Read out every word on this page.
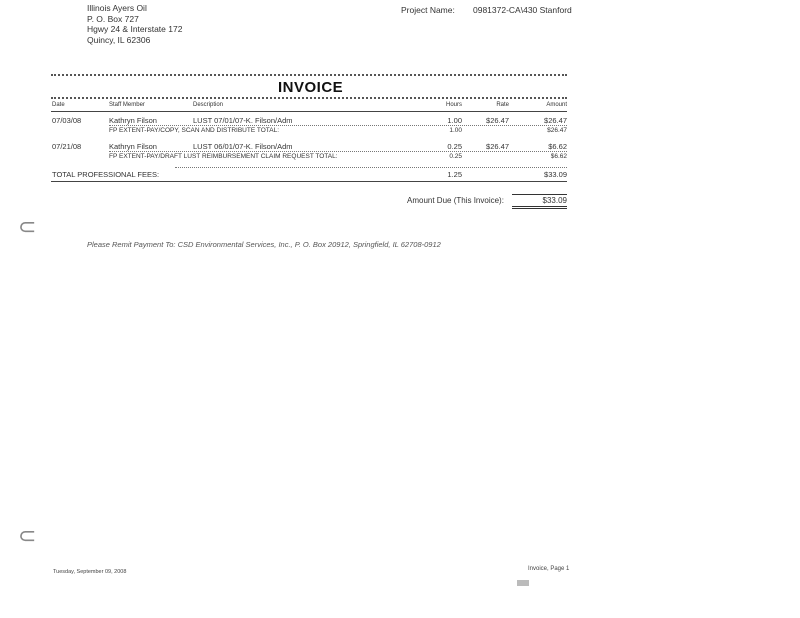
Illinois Ayers Oil
P. O. Box 727
Hgwy 24 & Interstate 172
Quincy, IL 62306
Project Name: 0981372-CA\430 Stanford
INVOICE
Date	Staff Member	Description	Hours	Rate	Amount
07/03/08	Kathryn Filson	LUST 07/01/07-K. Filson/Adm	1.00	$26.47	$26.47
FP EXTENT-PAY/COPY, SCAN AND DISTRIBUTE TOTAL:	1.00	$26.47
07/21/08	Kathryn Filson	LUST 06/01/07-K. Filson/Adm	0.25	$26.47	$6.62
FP EXTENT-PAY/DRAFT LUST REIMBURSEMENT CLAIM REQUEST TOTAL:	0.25	$6.62
TOTAL PROFESSIONAL FEES:	1.25	$33.09
Amount Due (This Invoice):	$33.09
Please Remit Payment To: CSD Environmental Services, Inc., P. O. Box 20912, Springfield, IL 62708-0912
⊂
⊂
Tuesday, September 09, 2008	Invoice, Page 1
